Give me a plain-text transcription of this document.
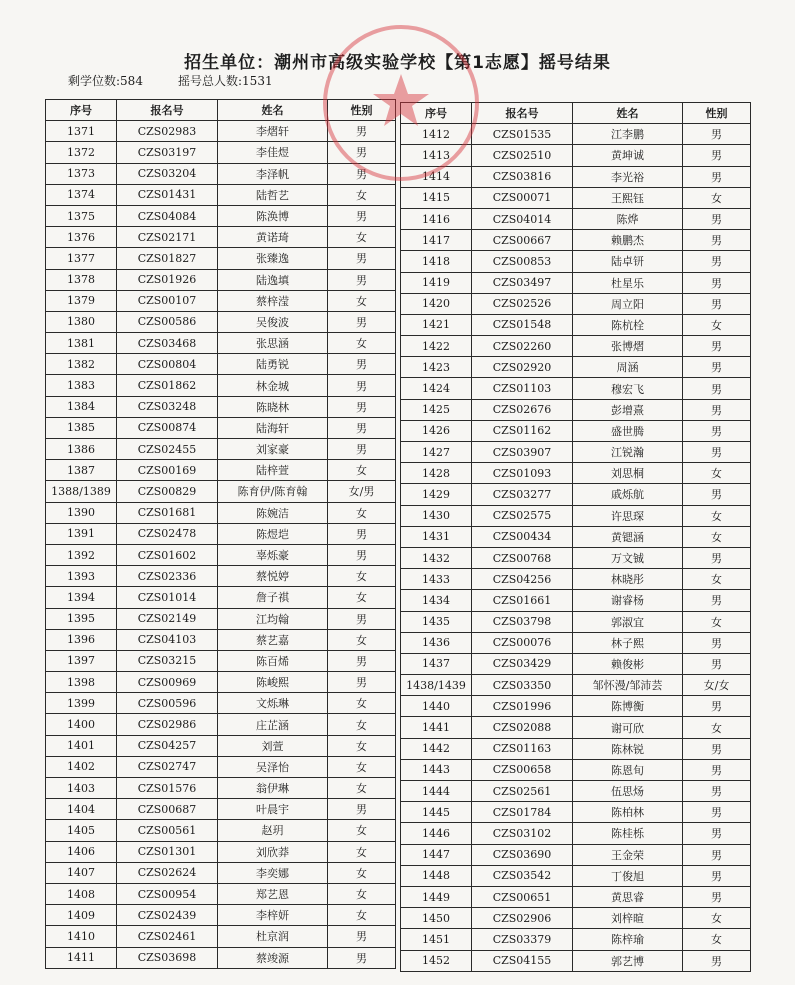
招生单位：潮州市高级实验学校【第1志愿】摇号结果
剩学位数:584	摇号总人数:1531
序号	报名号	姓名	性别
1371	CZS02983	李熠轩	男
1372	CZS03197	李佳煜	男
1373	CZS03204	李泽帆	男
1374	CZS01431	陆哲艺	女
1375	CZS04084	陈涣博	男
1376	CZS02171	黄诺琦	女
1377	CZS01827	张臻逸	男
1378	CZS01926	陆逸填	男
1379	CZS00107	蔡梓滢	女
1380	CZS00586	吴俊波	男
1381	CZS03468	张思涵	女
1382	CZS00804	陆勇锐	男
1383	CZS01862	林金城	男
1384	CZS03248	陈晓林	男
1385	CZS00874	陆海轩	男
1386	CZS02455	刘家豪	男
1387	CZS00169	陆梓萱	女
1388/1389	CZS00829	陈育伊/陈育翰	女/男
1390	CZS01681	陈婉洁	女
1391	CZS02478	陈煜垲	男
1392	CZS01602	辜烁豪	男
1393	CZS02336	蔡悦婷	女
1394	CZS01014	詹子祺	女
1395	CZS02149	江均翰	男
1396	CZS04103	蔡艺嘉	女
1397	CZS03215	陈百烯	男
1398	CZS00969	陈峻熙	男
1399	CZS00596	文烁琳	女
1400	CZS02986	庄芷涵	女
1401	CZS04257	刘萱	女
1402	CZS02747	吴泽怡	女
1403	CZS01576	翁伊琳	女
1404	CZS00687	叶晨宇	男
1405	CZS00561	赵玥	女
1406	CZS01301	刘欣莽	女
1407	CZS02624	李奕娜	女
1408	CZS00954	郑艺恩	女
1409	CZS02439	李梓妍	女
1410	CZS02461	杜京润	男
1411	CZS03698	蔡竣源	男
序号	报名号	姓名	性别
1412	CZS01535	江李鹏	男
1413	CZS02510	黄坤诚	男
1414	CZS03816	李光裕	男
1415	CZS00071	王熙钰	女
1416	CZS04014	陈烨	男
1417	CZS00667	赖鹏杰	男
1418	CZS00853	陆卓钘	男
1419	CZS03497	杜星乐	男
1420	CZS02526	周立阳	男
1421	CZS01548	陈杭栓	女
1422	CZS02260	张博熠	男
1423	CZS02920	周涵	男
1424	CZS01103	穆宏飞	男
1425	CZS02676	彭增熹	男
1426	CZS01162	盛世腾	男
1427	CZS03907	江锐瀚	男
1428	CZS01093	刘思桐	女
1429	CZS03277	戚烁航	男
1430	CZS02575	许思琛	女
1431	CZS00434	黄锶涵	女
1432	CZS00768	万文铖	男
1433	CZS04256	林晓彤	女
1434	CZS01661	谢睿杨	男
1435	CZS03798	郭淑宜	女
1436	CZS00076	林子熙	男
1437	CZS03429	赖俊彬	男
1438/1439	CZS03350	邹怀漫/邹沛芸	女/女
1440	CZS01996	陈博衡	男
1441	CZS02088	谢可欣	女
1442	CZS01163	陈林锐	男
1443	CZS00658	陈恩旬	男
1444	CZS02561	伍思炀	男
1445	CZS01784	陈柏林	男
1446	CZS03102	陈桂栎	男
1447	CZS03690	王金荣	男
1448	CZS03542	丁俊旭	男
1449	CZS00651	黄思睿	男
1450	CZS02906	刘梓暄	女
1451	CZS03379	陈梓瑜	女
1452	CZS04155	郭艺博	男
